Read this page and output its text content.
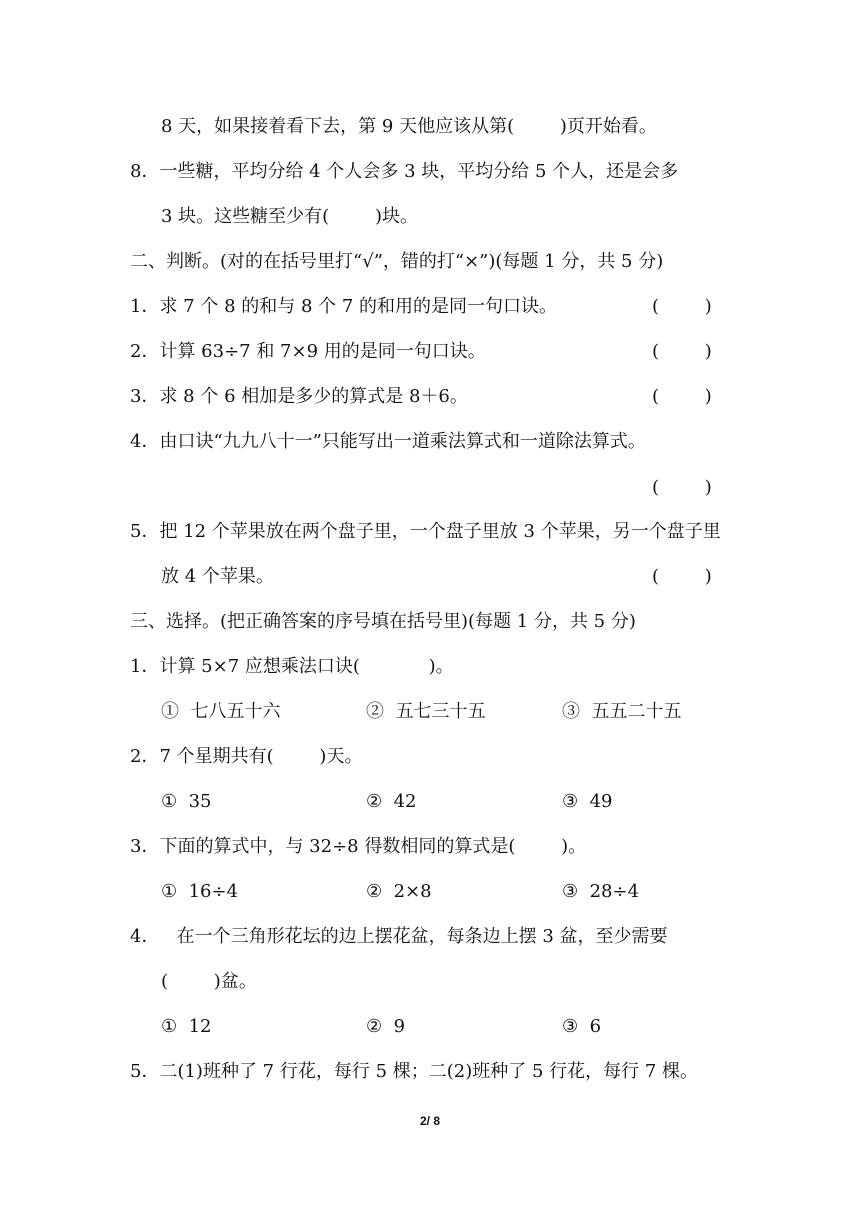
8 天，如果接着看下去，第 9 天他应该从第(        )页开始看。
8．一些糖，平均分给 4 个人会多 3 块，平均分给 5 个人，还是会多
3 块。这些糖至少有(        )块。
二、判断。(对的在括号里打“√”，错的打“×”)(每题 1 分，共 5 分)
1．求 7 个 8 的和与 8 个 7 的和用的是同一句口诀。	(        )
2．计算 63÷7 和 7×9 用的是同一句口诀。	(        )
3．求 8 个 6 相加是多少的算式是 8＋6。	(        )
4．由口诀“九九八十一”只能写出一道乘法算式和一道除法算式。
(        )
5．把 12 个苹果放在两个盘子里，一个盘子里放 3 个苹果，另一个盘子里
放 4 个苹果。	(        )
三、选择。(把正确答案的序号填在括号里)(每题 1 分，共 5 分)
1．计算 5×7 应想乘法口诀(            )。
①  七八五十六	②  五七三十五	③  五五二十五
2．7 个星期共有(        )天。
①  35	②  42	③  49
3．下面的算式中，与 32÷8 得数相同的算式是(        )。
①  16÷4	②  2×8	③  28÷4
4．   在一个三角形花坛的边上摆花盆，每条边上摆 3 盆，至少需要
(        )盆。
①  12	②  9	③  6
5．二(1)班种了 7 行花，每行 5 棵；二(2)班种了 5 行花，每行 7 棵。
2/ 8
